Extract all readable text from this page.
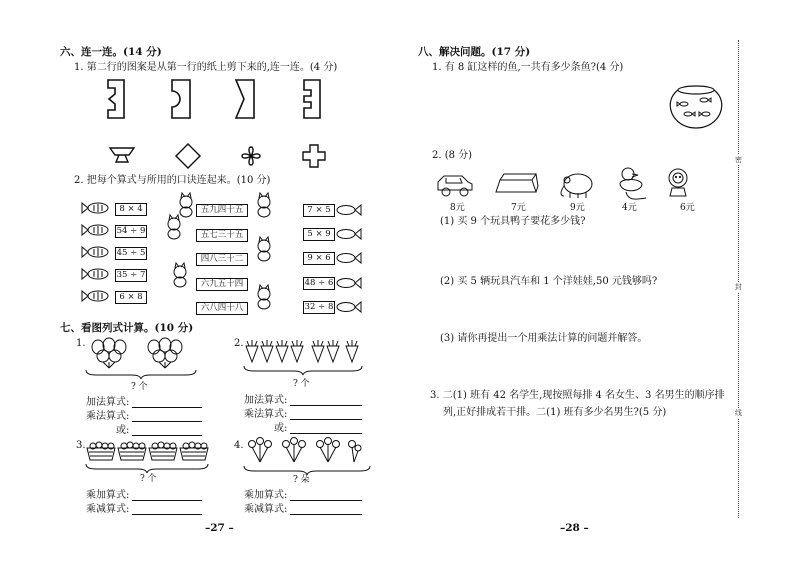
六、连一连。(14 分)
1. 第二行的图案是从第一行的纸上剪下来的,连一连。(4 分)
2. 把每个算式与所用的口诀连起来。(10 分)
8 × 4
54 ÷ 9
45 ÷ 5
35 ÷ 7
6 × 8
五九四十五
五七三十五
四八三十二
六九五十四
六八四十八
7 × 5
5 × 9
9 × 6
48 ÷ 6
32 ÷ 8
七、看图列式计算。(10 分)
1.
? 个
加法算式:
乘法算式:
或:
2.
? 个
加法算式:
乘法算式:
或:
3.
? 个
乘加算式:
乘减算式:
4.
? 朵
乘加算式:
乘减算式:
–27 –
八、解决问题。(17 分)
1. 有 8 缸这样的鱼,一共有多少条鱼?(4 分)
2. (8 分)
8元	7元	9元	4元	6元
(1) 买 9 个玩具鸭子要花多少钱?
(2) 买 5 辆玩具汽车和 1 个洋娃娃,50 元钱够吗?
(3) 请你再提出一个用乘法计算的问题并解答。
3. 二(1) 班有 42 名学生,现按照每排 4 名女生、3 名男生的顺序排
列,正好排成若干排。二(1) 班有多少名男生?(5 分)
–28 –
密
封
线
